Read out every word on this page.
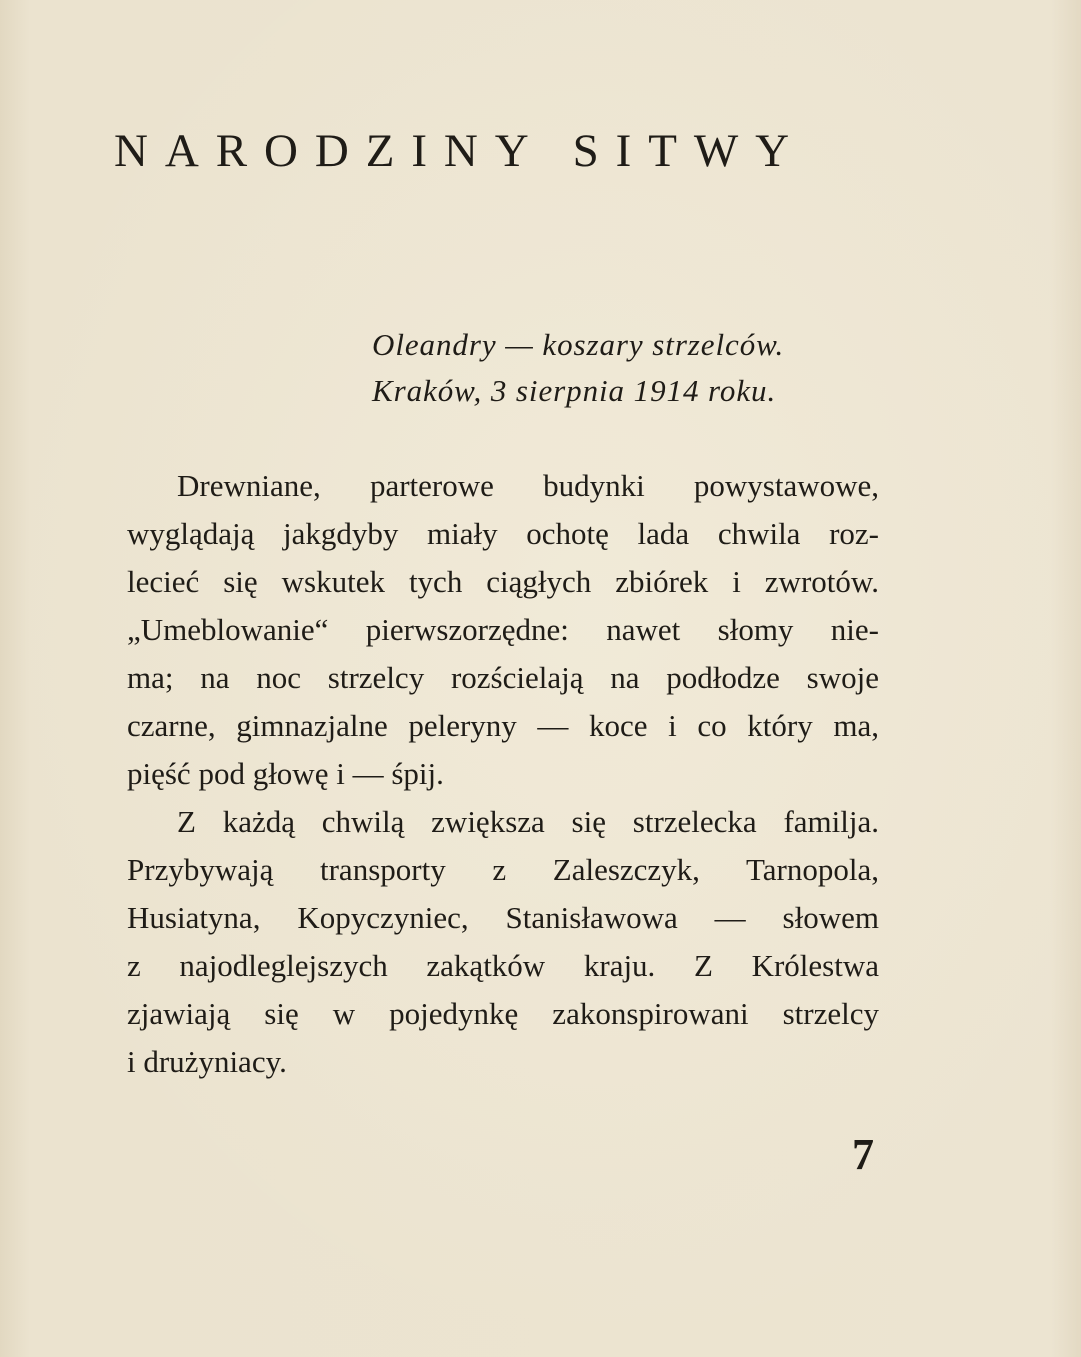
NARODZINY SITWY
Oleandry — koszary strzelców.
Kraków, 3 sierpnia 1914 roku.
Drewniane, parterowe budynki powystawowe,
wyglądają jakgdyby miały ochotę lada chwila roz-
lecieć się wskutek tych ciągłych zbiórek i zwrotów.
„Umeblowanie“ pierwszorzędne: nawet słomy nie-
ma; na noc strzelcy rozścielają na podłodze swoje
czarne, gimnazjalne peleryny — koce i co który ma,
pięść pod głowę i — śpij.
Z każdą chwilą zwiększa się strzelecka familja.
Przybywają transporty z Zaleszczyk, Tarnopola,
Husiatyna, Kopyczyniec, Stanisławowa — słowem
z najodleglejszych zakątków kraju. Z Królestwa
zjawiają się w pojedynkę zakonspirowani strzelcy
i drużyniacy.
7
